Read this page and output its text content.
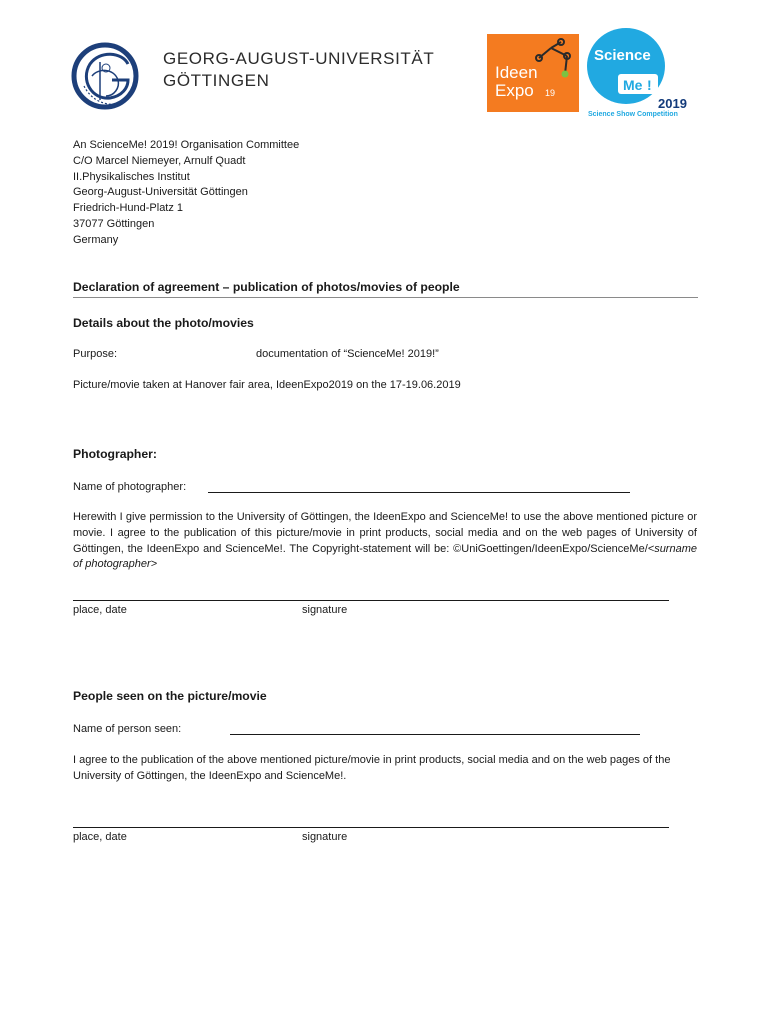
GEORG-AUGUST-UNIVERSITÄT
GÖTTINGEN	Ideen
Expo 19
Science
Me !
2019
Science Show Competition
An ScienceMe! 2019! Organisation Committee
C/O Marcel Niemeyer, Arnulf Quadt
II.Physikalisches Institut
Georg-August-Universität Göttingen
Friedrich-Hund-Platz 1
37077 Göttingen
Germany
Declaration of agreement – publication of photos/movies of people
Details about the photo/movies
Purpose:	documentation of “ScienceMe! 2019!”
Picture/movie taken at Hanover fair area, IdeenExpo2019 on the 17-19.06.2019
Photographer:
Name of photographer:
Herewith I give permission to the University of Göttingen, the IdeenExpo and ScienceMe! to use the above mentioned picture or movie. I agree to the publication of this picture/movie in print products, social media and on the web pages of University of Göttingen, the IdeenExpo and ScienceMe!. The Copyright-statement will be: ©UniGoettingen/IdeenExpo/ScienceMe/<surname of photographer>
place, date	signature
People seen on the picture/movie
Name of person seen:
I agree to the publication of the above mentioned picture/movie in print products, social media and on the web pages of the University of Göttingen, the IdeenExpo and ScienceMe!.
place, date	signature
